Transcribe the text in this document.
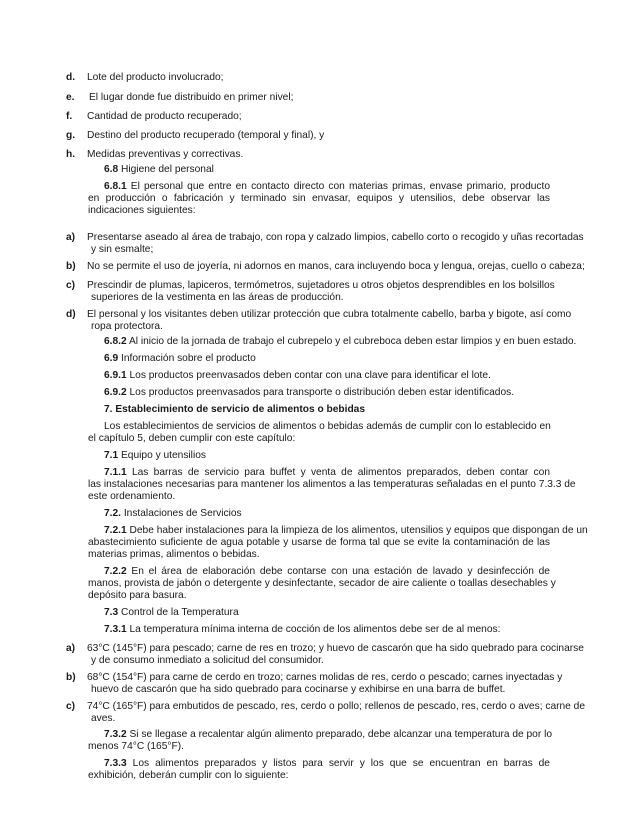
d. Lote del producto involucrado;
e. El lugar donde fue distribuido en primer nivel;
f. Cantidad de producto recuperado;
g. Destino del producto recuperado (temporal y final), y
h. Medidas preventivas y correctivas.
6.8 Higiene del personal
6.8.1 El personal que entre en contacto directo con materias primas, envase primario, producto
en producción o fabricación y terminado sin envasar, equipos y utensilios, debe observar las
indicaciones siguientes:
a) Presentarse aseado al área de trabajo, con ropa y calzado limpios, cabello corto o recogido y uñas recortadas
y sin esmalte;
b) No se permite el uso de joyería, ni adornos en manos, cara incluyendo boca y lengua, orejas, cuello o cabeza;
c) Prescindir de plumas, lapiceros, termómetros, sujetadores u otros objetos desprendibles en los bolsillos
superiores de la vestimenta en las áreas de producción.
d) El personal y los visitantes deben utilizar protección que cubra totalmente cabello, barba y bigote, así como
ropa protectora.
6.8.2 Al inicio de la jornada de trabajo el cubrepelo y el cubreboca deben estar limpios y en buen estado.
6.9 Información sobre el producto
6.9.1 Los productos preenvasados deben contar con una clave para identificar el lote.
6.9.2 Los productos preenvasados para transporte o distribución deben estar identificados.
7. Establecimiento de servicio de alimentos o bebidas
Los establecimientos de servicios de alimentos o bebidas además de cumplir con lo establecido en
el capítulo 5, deben cumplir con este capítulo:
7.1 Equipo y utensilios
7.1.1 Las barras de servicio para buffet y venta de alimentos preparados, deben contar con
las instalaciones necesarias para mantener los alimentos a las temperaturas señaladas en el punto 7.3.3 de
este ordenamiento.
7.2. Instalaciones de Servicios
7.2.1 Debe haber instalaciones para la limpieza de los alimentos, utensilios y equipos que dispongan de un
abastecimiento suficiente de agua potable y usarse de forma tal que se evite la contaminación de las
materias primas, alimentos o bebidas.
7.2.2 En el área de elaboración debe contarse con una estación de lavado y desinfección de
manos, provista de jabón o detergente y desinfectante, secador de aire caliente o toallas desechables y
depósito para basura.
7.3 Control de la Temperatura
7.3.1 La temperatura mínima interna de cocción de los alimentos debe ser de al menos:
a) 63°C (145°F) para pescado; carne de res en trozo; y huevo de cascarón que ha sido quebrado para cocinarse
y de consumo inmediato a solicitud del consumidor.
b) 68°C (154°F) para carne de cerdo en trozo; carnes molidas de res, cerdo o pescado; carnes inyectadas y
huevo de cascarón que ha sido quebrado para cocinarse y exhibirse en una barra de buffet.
c) 74°C (165°F) para embutidos de pescado, res, cerdo o pollo; rellenos de pescado, res, cerdo o aves; carne de
aves.
7.3.2 Si se llegase a recalentar algún alimento preparado, debe alcanzar una temperatura de por lo
menos 74°C (165°F).
7.3.3 Los alimentos preparados y listos para servir y los que se encuentran en barras de
exhibición, deberán cumplir con lo siguiente:
